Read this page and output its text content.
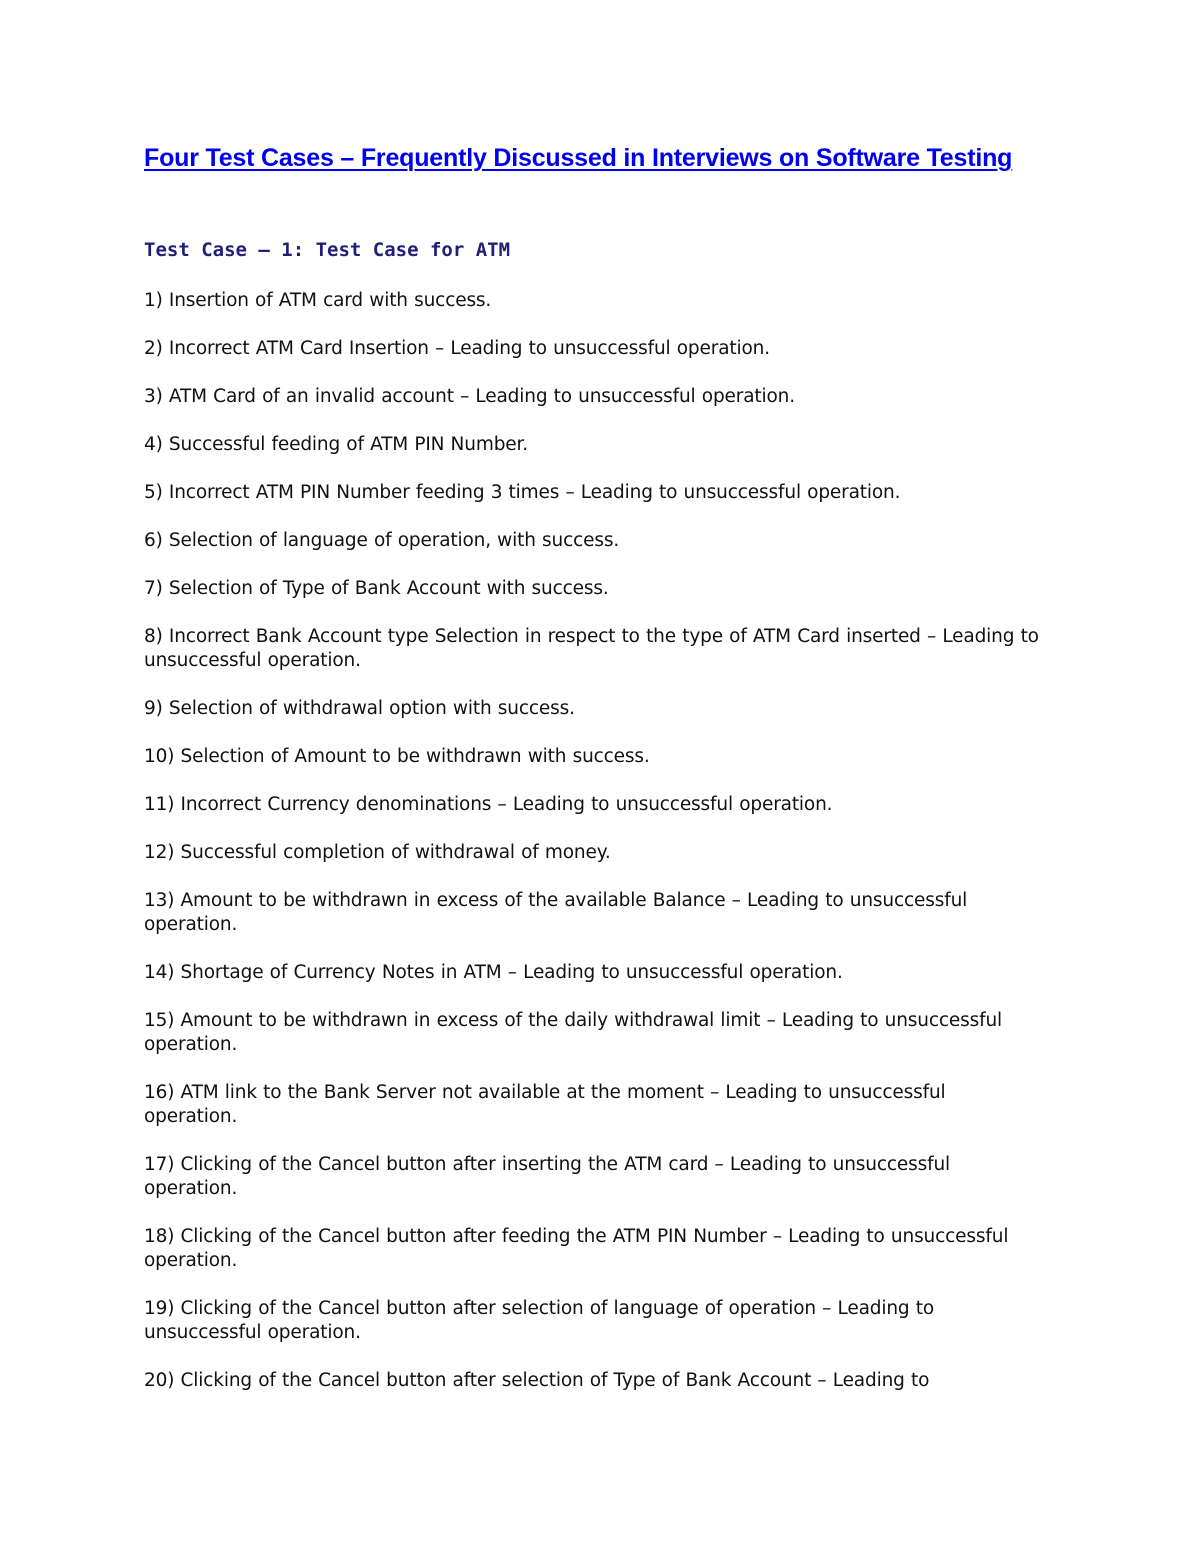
Four Test Cases – Frequently Discussed in Interviews on Software Testing
Test Case – 1: Test Case for ATM
1) Insertion of ATM card with success.
2) Incorrect ATM Card Insertion – Leading to unsuccessful operation.
3) ATM Card of an invalid account – Leading to unsuccessful operation.
4) Successful feeding of ATM PIN Number.
5) Incorrect ATM PIN Number feeding 3 times – Leading to unsuccessful operation.
6) Selection of language of operation, with success.
7) Selection of Type of Bank Account with success.
8) Incorrect Bank Account type Selection in respect to the type of ATM Card inserted – Leading to unsuccessful operation.
9) Selection of withdrawal option with success.
10) Selection of Amount to be withdrawn with success.
11) Incorrect Currency denominations – Leading to unsuccessful operation.
12) Successful completion of withdrawal of money.
13) Amount to be withdrawn in excess of the available Balance – Leading to unsuccessful operation.
14) Shortage of Currency Notes in ATM – Leading to unsuccessful operation.
15) Amount to be withdrawn in excess of the daily withdrawal limit – Leading to unsuccessful operation.
16) ATM link to the Bank Server not available at the moment – Leading to unsuccessful operation.
17) Clicking of the Cancel button after inserting the ATM card – Leading to unsuccessful operation.
18) Clicking of the Cancel button after feeding the ATM PIN Number – Leading to unsuccessful operation.
19) Clicking of the Cancel button after selection of language of operation – Leading to unsuccessful operation.
20) Clicking of the Cancel button after selection of Type of Bank Account – Leading to
